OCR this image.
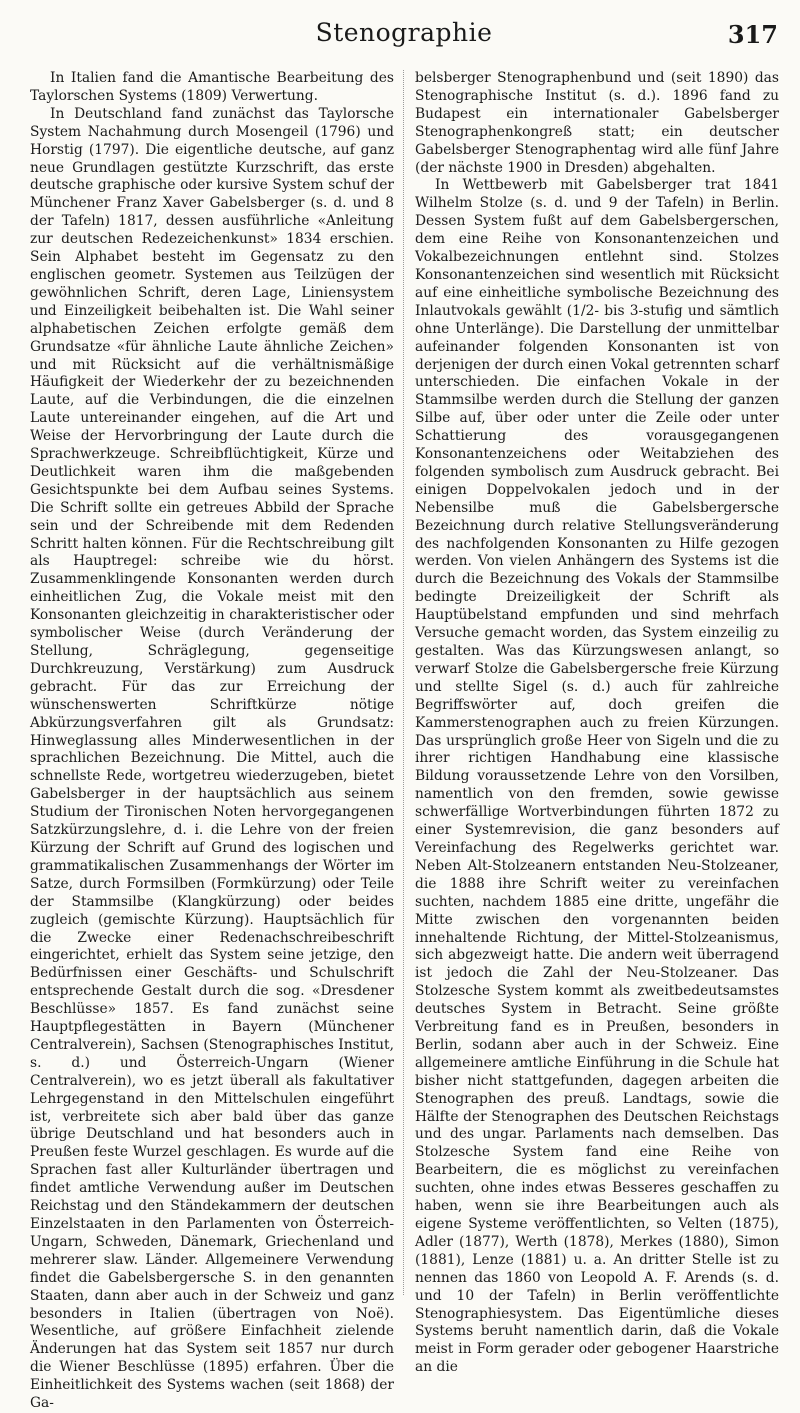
Stenographie	317

In Italien fand die Amantische Bearbeitung des Taylorschen Systems (1809) Verwertung.

In Deutschland fand zunächst das Taylorsche System Nachahmung durch Mosengeil (1796) und Horstig (1797). Die eigentliche deutsche, auf ganz neue Grundlagen gestützte Kurzschrift, das erste deutsche graphische oder kursive System schuf der Münchener Franz Xaver Gabelsberger (s. d. und 8 der Tafeln) 1817, dessen ausführliche «Anleitung zur deutschen Redezeichenkunst» 1834 erschien. Sein Alphabet besteht im Gegensatz zu den englischen geometr. Systemen aus Teilzügen der gewöhnlichen Schrift, deren Lage, Liniensystem und Einzeiligkeit beibehalten ist. Die Wahl seiner alphabetischen Zeichen erfolgte gemäß dem Grundsatze «für ähnliche Laute ähnliche Zeichen» und mit Rücksicht auf die verhältnismäßige Häufigkeit der Wiederkehr der zu bezeichnenden Laute, auf die Verbindungen, die die einzelnen Laute untereinander eingehen, auf die Art und Weise der Hervorbringung der Laute durch die Sprachwerkzeuge. Schreibflüchtigkeit, Kürze und Deutlichkeit waren ihm die maßgebenden Gesichtspunkte bei dem Aufbau seines Systems. Die Schrift sollte ein getreues Abbild der Sprache sein und der Schreibende mit dem Redenden Schritt halten können. Für die Rechtschreibung gilt als Hauptregel: schreibe wie du hörst. Zusammenklingende Konsonanten werden durch einheitlichen Zug, die Vokale meist mit den Konsonanten gleichzeitig in charakteristischer oder symbolischer Weise (durch Veränderung der Stellung, Schräglegung, gegenseitige Durchkreuzung, Verstärkung) zum Ausdruck gebracht. Für das zur Erreichung der wünschenswerten Schriftkürze nötige Abkürzungsverfahren gilt als Grundsatz: Hinweglassung alles Minderwesentlichen in der sprachlichen Bezeichnung. Die Mittel, auch die schnellste Rede, wortgetreu wiederzugeben, bietet Gabelsberger in der hauptsächlich aus seinem Studium der Tironischen Noten hervorgegangenen Satzkürzungslehre, d. i. die Lehre von der freien Kürzung der Schrift auf Grund des logischen und grammatikalischen Zusammenhangs der Wörter im Satze, durch Formsilben (Formkürzung) oder Teile der Stammsilbe (Klangkürzung) oder beides zugleich (gemischte Kürzung). Hauptsächlich für die Zwecke einer Redenachschreibeschrift eingerichtet, erhielt das System seine jetzige, den Bedürfnissen einer Geschäfts- und Schulschrift entsprechende Gestalt durch die sog. «Dresdener Beschlüsse» 1857. Es fand zunächst seine Hauptpflegestätten in Bayern (Münchener Centralverein), Sachsen (Stenographisches Institut, s. d.) und Österreich-Ungarn (Wiener Centralverein), wo es jetzt überall als fakultativer Lehrgegenstand in den Mittelschulen eingeführt ist, verbreitete sich aber bald über das ganze übrige Deutschland und hat besonders auch in Preußen feste Wurzel geschlagen. Es wurde auf die Sprachen fast aller Kulturländer übertragen und findet amtliche Verwendung außer im Deutschen Reichstag und den Ständekammern der deutschen Einzelstaaten in den Parlamenten von Österreich-Ungarn, Schweden, Dänemark, Griechenland und mehrerer slaw. Länder. Allgemeinere Verwendung findet die Gabelsbergersche S. in den genannten Staaten, dann aber auch in der Schweiz und ganz besonders in Italien (übertragen von Noë). Wesentliche, auf größere Einfachheit zielende Änderungen hat das System seit 1857 nur durch die Wiener Beschlüsse (1895) erfahren. Über die Einheitlichkeit des Systems wachen (seit 1868) der Ga-

belsberger Stenographenbund und (seit 1890) das Stenographische Institut (s. d.). 1896 fand zu Budapest ein internationaler Gabelsberger Stenographenkongreß statt; ein deutscher Gabelsberger Stenographentag wird alle fünf Jahre (der nächste 1900 in Dresden) abgehalten.

In Wettbewerb mit Gabelsberger trat 1841 Wilhelm Stolze (s. d. und 9 der Tafeln) in Berlin. Dessen System fußt auf dem Gabelsbergerschen, dem eine Reihe von Konsonantenzeichen und Vokalbezeichnungen entlehnt sind. Stolzes Konsonantenzeichen sind wesentlich mit Rücksicht auf eine einheitliche symbolische Bezeichnung des Inlautvokals gewählt (1/2- bis 3-stufig und sämtlich ohne Unterlänge). Die Darstellung der unmittelbar aufeinander folgenden Konsonanten ist von derjenigen der durch einen Vokal getrennten scharf unterschieden. Die einfachen Vokale in der Stammsilbe werden durch die Stellung der ganzen Silbe auf, über oder unter die Zeile oder unter Schattierung des vorausgegangenen Konsonantenzeichens oder Weitabziehen des folgenden symbolisch zum Ausdruck gebracht. Bei einigen Doppelvokalen jedoch und in der Nebensilbe muß die Gabelsbergersche Bezeichnung durch relative Stellungsveränderung des nachfolgenden Konsonanten zu Hilfe gezogen werden. Von vielen Anhängern des Systems ist die durch die Bezeichnung des Vokals der Stammsilbe bedingte Dreizeiligkeit der Schrift als Hauptübelstand empfunden und sind mehrfach Versuche gemacht worden, das System einzeilig zu gestalten. Was das Kürzungswesen anlangt, so verwarf Stolze die Gabelsbergersche freie Kürzung und stellte Sigel (s. d.) auch für zahlreiche Begriffswörter auf, doch greifen die Kammerstenographen auch zu freien Kürzungen. Das ursprünglich große Heer von Sigeln und die zu ihrer richtigen Handhabung eine klassische Bildung voraussetzende Lehre von den Vorsilben, namentlich von den fremden, sowie gewisse schwerfällige Wortverbindungen führten 1872 zu einer Systemrevision, die ganz besonders auf Vereinfachung des Regelwerks gerichtet war. Neben Alt-Stolzeanern entstanden Neu-Stolzeaner, die 1888 ihre Schrift weiter zu vereinfachen suchten, nachdem 1885 eine dritte, ungefähr die Mitte zwischen den vorgenannten beiden innehaltende Richtung, der Mittel-Stolzeanismus, sich abgezweigt hatte. Die andern weit überragend ist jedoch die Zahl der Neu-Stolzeaner. Das Stolzesche System kommt als zweitbedeutsamstes deutsches System in Betracht. Seine größte Verbreitung fand es in Preußen, besonders in Berlin, sodann aber auch in der Schweiz. Eine allgemeinere amtliche Einführung in die Schule hat bisher nicht stattgefunden, dagegen arbeiten die Stenographen des preuß. Landtags, sowie die Hälfte der Stenographen des Deutschen Reichstags und des ungar. Parlaments nach demselben. Das Stolzesche System fand eine Reihe von Bearbeitern, die es möglichst zu vereinfachen suchten, ohne indes etwas Besseres geschaffen zu haben, wenn sie ihre Bearbeitungen auch als eigene Systeme veröffentlichten, so Velten (1875), Adler (1877), Werth (1878), Merkes (1880), Simon (1881), Lenze (1881) u. a. An dritter Stelle ist zu nennen das 1860 von Leopold A. F. Arends (s. d. und 10 der Tafeln) in Berlin veröffentlichte Stenographiesystem. Das Eigentümliche dieses Systems beruht namentlich darin, daß die Vokale meist in Form gerader oder gebogener Haarstriche an die
